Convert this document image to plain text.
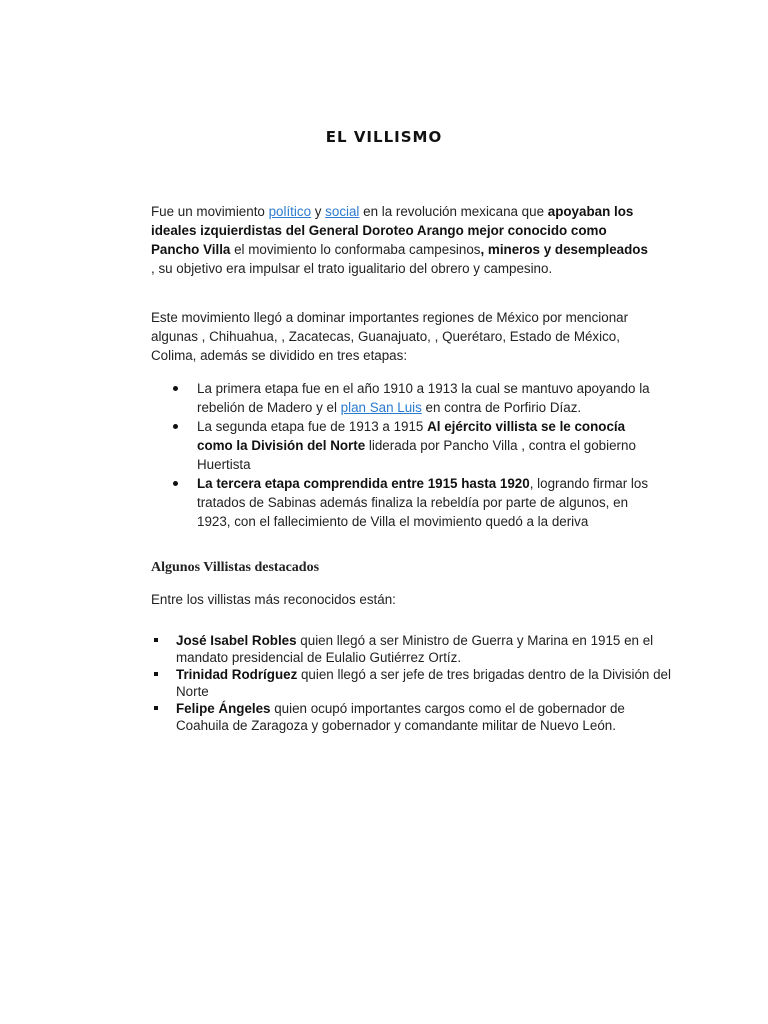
EL VILLISMO

Fue un movimiento político y social en la revolución mexicana que apoyaban los ideales izquierdistas del General Doroteo Arango mejor conocido como Pancho Villa el movimiento lo conformaba campesinos, mineros y desempleados , su objetivo era impulsar el trato igualitario del obrero y campesino.

Este movimiento llegó a dominar importantes regiones de México por mencionar algunas , Chihuahua, , Zacatecas, Guanajuato, , Querétaro, Estado de México, Colima, además se dividido en tres etapas:

La primera etapa fue en el año 1910 a 1913 la cual se mantuvo apoyando la rebelión de Madero y el plan San Luis en contra de Porfirio Díaz.
La segunda etapa fue de 1913 a 1915 Al ejército villista se le conocía como la División del Norte liderada por Pancho Villa , contra el gobierno Huertista
La tercera etapa comprendida entre 1915 hasta 1920, logrando firmar los tratados de Sabinas además finaliza la rebeldía por parte de algunos, en 1923, con el fallecimiento de Villa el movimiento quedó a la deriva
Algunos Villistas destacados

Entre los villistas más reconocidos están:

José Isabel Robles quien llegó a ser Ministro de Guerra y Marina en 1915 en el mandato presidencial de Eulalio Gutiérrez Ortíz.
Trinidad Rodríguez quien llegó a ser jefe de tres brigadas dentro de la División del Norte
Felipe Ángeles quien ocupó importantes cargos como el de gobernador de Coahuila de Zaragoza y gobernador y comandante militar de Nuevo León.
